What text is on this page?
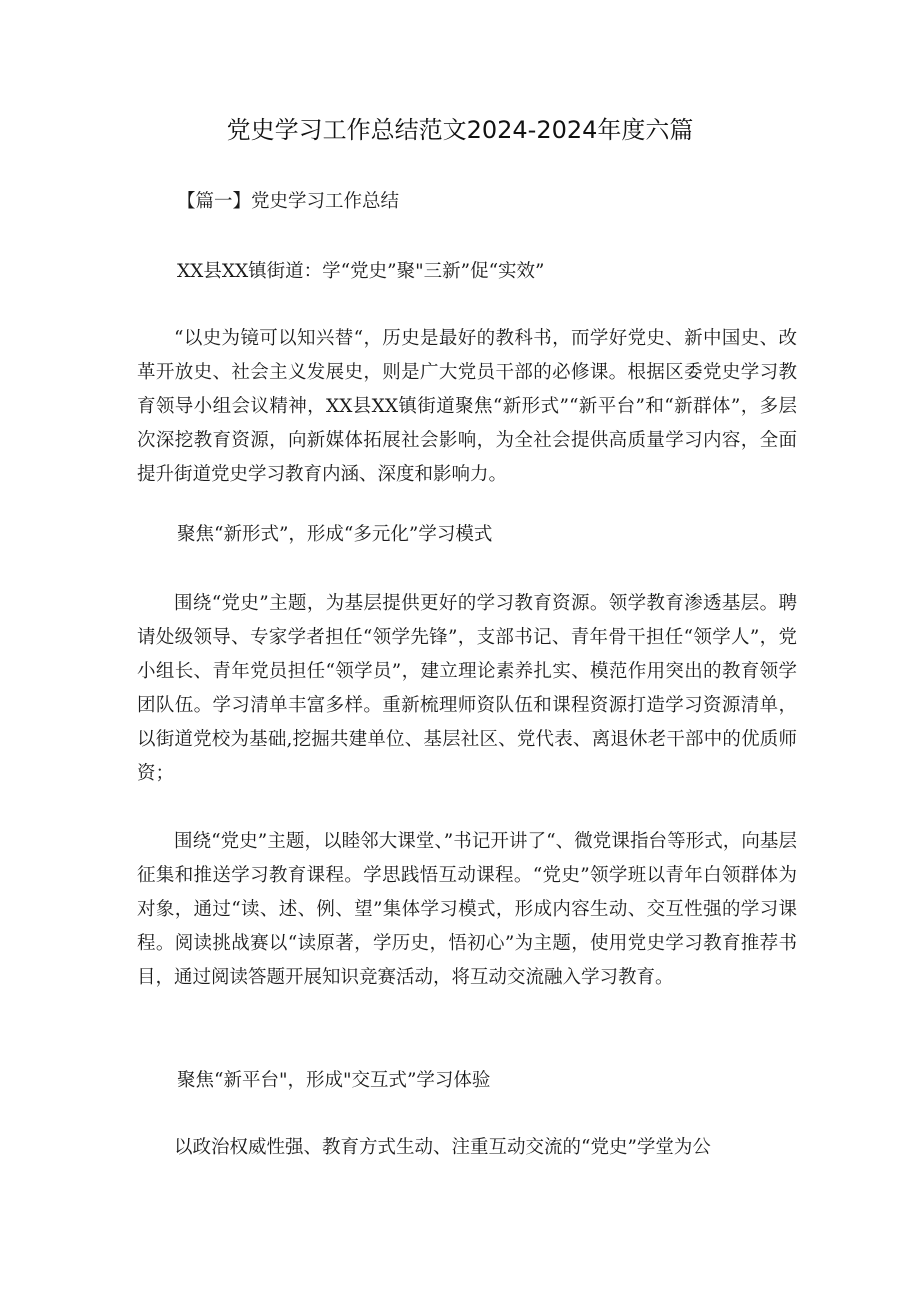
党史学习工作总结范文2024-2024年度六篇
【篇一】党史学习工作总结
XX县XX镇街道：学“党史”聚"三新”促“实效”
“以史为镜可以知兴替“，历史是最好的教科书，而学好党史、新中国史、改革开放史、社会主义发展史，则是广大党员干部的必修课。根据区委党史学习教育领导小组会议精神，XX县XX镇街道聚焦“新形式”“新平台”和“新群体”，多层次深挖教育资源，向新媒体拓展社会影响，为全社会提供高质量学习内容，全面提升街道党史学习教育内涵、深度和影响力。
聚焦“新形式”，形成“多元化”学习模式
围绕“党史”主题，为基层提供更好的学习教育资源。领学教育渗透基层。聘请处级领导、专家学者担任“领学先锋”，支部书记、青年骨干担任“领学人”，党小组长、青年党员担任“领学员”，建立理论素养扎实、模范作用突出的教育领学团队伍。学习清单丰富多样。重新梳理师资队伍和课程资源打造学习资源清单，以街道党校为基础,挖掘共建单位、基层社区、党代表、离退休老干部中的优质师资；
围绕“党史”主题，以睦邻大课堂、”书记开讲了“、微党课指台等形式，向基层征集和推送学习教育课程。学思践悟互动课程。“党史”领学班以青年白领群体为对象，通过“读、述、例、望”集体学习模式，形成内容生动、交互性强的学习课程。阅读挑战赛以“读原著，学历史，悟初心”为主题，使用党史学习教育推荐书目，通过阅读答题开展知识竞赛活动，将互动交流融入学习教育。
聚焦“新平台"，形成"交互式”学习体验
以政治权威性强、教育方式生动、注重互动交流的“党史”学堂为公
